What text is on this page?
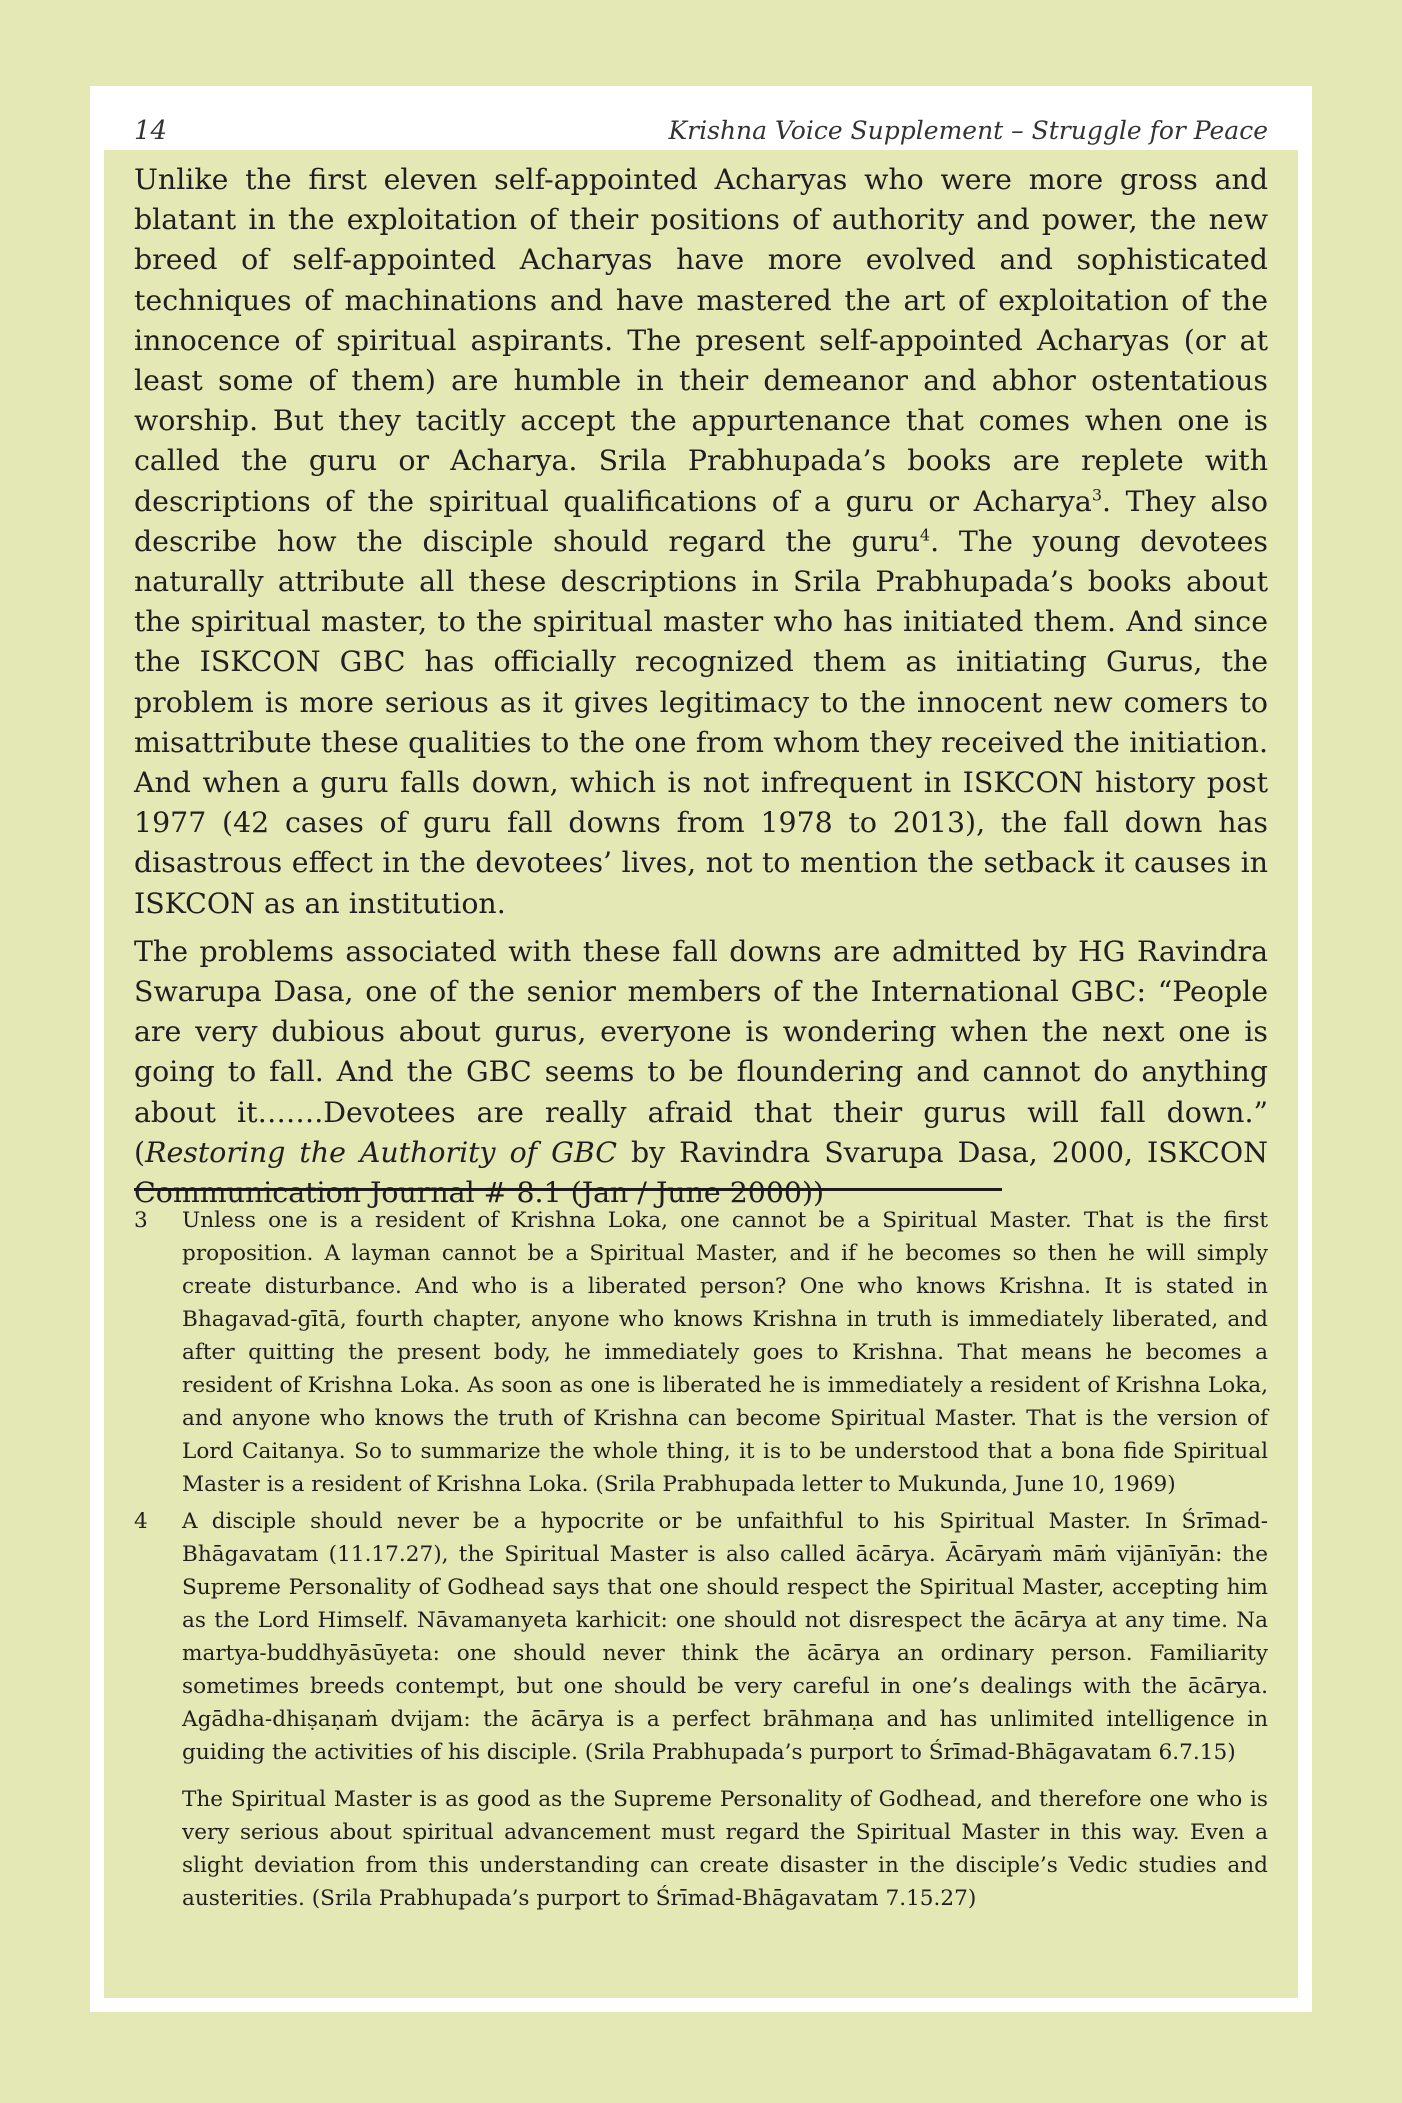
14	Krishna Voice Supplement – Struggle for Peace

Unlike the first eleven self-appointed Acharyas who were more gross and blatant in the exploitation of their positions of authority and power, the new breed of self-appointed Acharyas have more evolved and sophisticated techniques of machinations and have mastered the art of exploitation of the innocence of spiritual aspirants. The present self-appointed Acharyas (or at least some of them) are humble in their demeanor and abhor ostentatious worship. But they tacitly accept the appurtenance that comes when one is called the guru or Acharya. Srila Prabhupada’s books are replete with descriptions of the spiritual qualifications of a guru or Acharya$^3$. They also describe how the disciple should regard the guru$^4$. The young devotees naturally attribute all these descriptions in Srila Prabhupada’s books about the spiritual master, to the spiritual master who has initiated them. And since the ISKCON GBC has officially recognized them as initiating Gurus, the problem is more serious as it gives legitimacy to the innocent new comers to misattribute these qualities to the one from whom they received the initiation. And when a guru falls down, which is not infrequent in ISKCON history post 1977 (42 cases of guru fall downs from 1978 to 2013), the fall down has disastrous effect in the devotees’ lives, not to mention the setback it causes in ISKCON as an institution.

The problems associated with these fall downs are admitted by HG Ravindra Swarupa Dasa, one of the senior members of the International GBC: “People are very dubious about gurus, everyone is wondering when the next one is going to fall. And the GBC seems to be floundering and cannot do anything about it…….Devotees are really afraid that their gurus will fall down.” (Restoring the Authority of GBC by Ravindra Svarupa Dasa, 2000, ISKCON Communication Journal # 8.1 (Jan / June 2000))

3	Unless one is a resident of Krishna Loka, one cannot be a Spiritual Master. That is the first proposition. A layman cannot be a Spiritual Master, and if he becomes so then he will simply create disturbance. And who is a liberated person? One who knows Krishna. It is stated in Bhagavad-gītā, fourth chapter, anyone who knows Krishna in truth is immediately liberated, and after quitting the present body, he immediately goes to Krishna. That means he becomes a resident of Krishna Loka. As soon as one is liberated he is immediately a resident of Krishna Loka, and anyone who knows the truth of Krishna can become Spiritual Master. That is the version of Lord Caitanya. So to summarize the whole thing, it is to be understood that a bona fide Spiritual Master is a resident of Krishna Loka. (Srila Prabhupada letter to Mukunda, June 10, 1969)
4	A disciple should never be a hypocrite or be unfaithful to his Spiritual Master. In Śrīmad-Bhāgavatam (11.17.27), the Spiritual Master is also called ācārya. Ācāryaṁ māṁ vijānīyān: the Supreme Personality of Godhead says that one should respect the Spiritual Master, accepting him as the Lord Himself. Nāvamanyeta karhicit: one should not disrespect the ācārya at any time. Na martya-buddhyāsūyeta: one should never think the ācārya an ordinary person. Familiarity sometimes breeds contempt, but one should be very careful in one’s dealings with the ācārya. Agādha-dhiṣaṇaṁ dvijam: the ācārya is a perfect brāhmaṇa and has unlimited intelligence in guiding the activities of his disciple. (Srila Prabhupada’s purport to Śrīmad-Bhāgavatam 6.7.15)
The Spiritual Master is as good as the Supreme Personality of Godhead, and therefore one who is very serious about spiritual advancement must regard the Spiritual Master in this way. Even a slight deviation from this understanding can create disaster in the disciple’s Vedic studies and austerities. (Srila Prabhupada’s purport to Śrīmad-Bhāgavatam 7.15.27)
